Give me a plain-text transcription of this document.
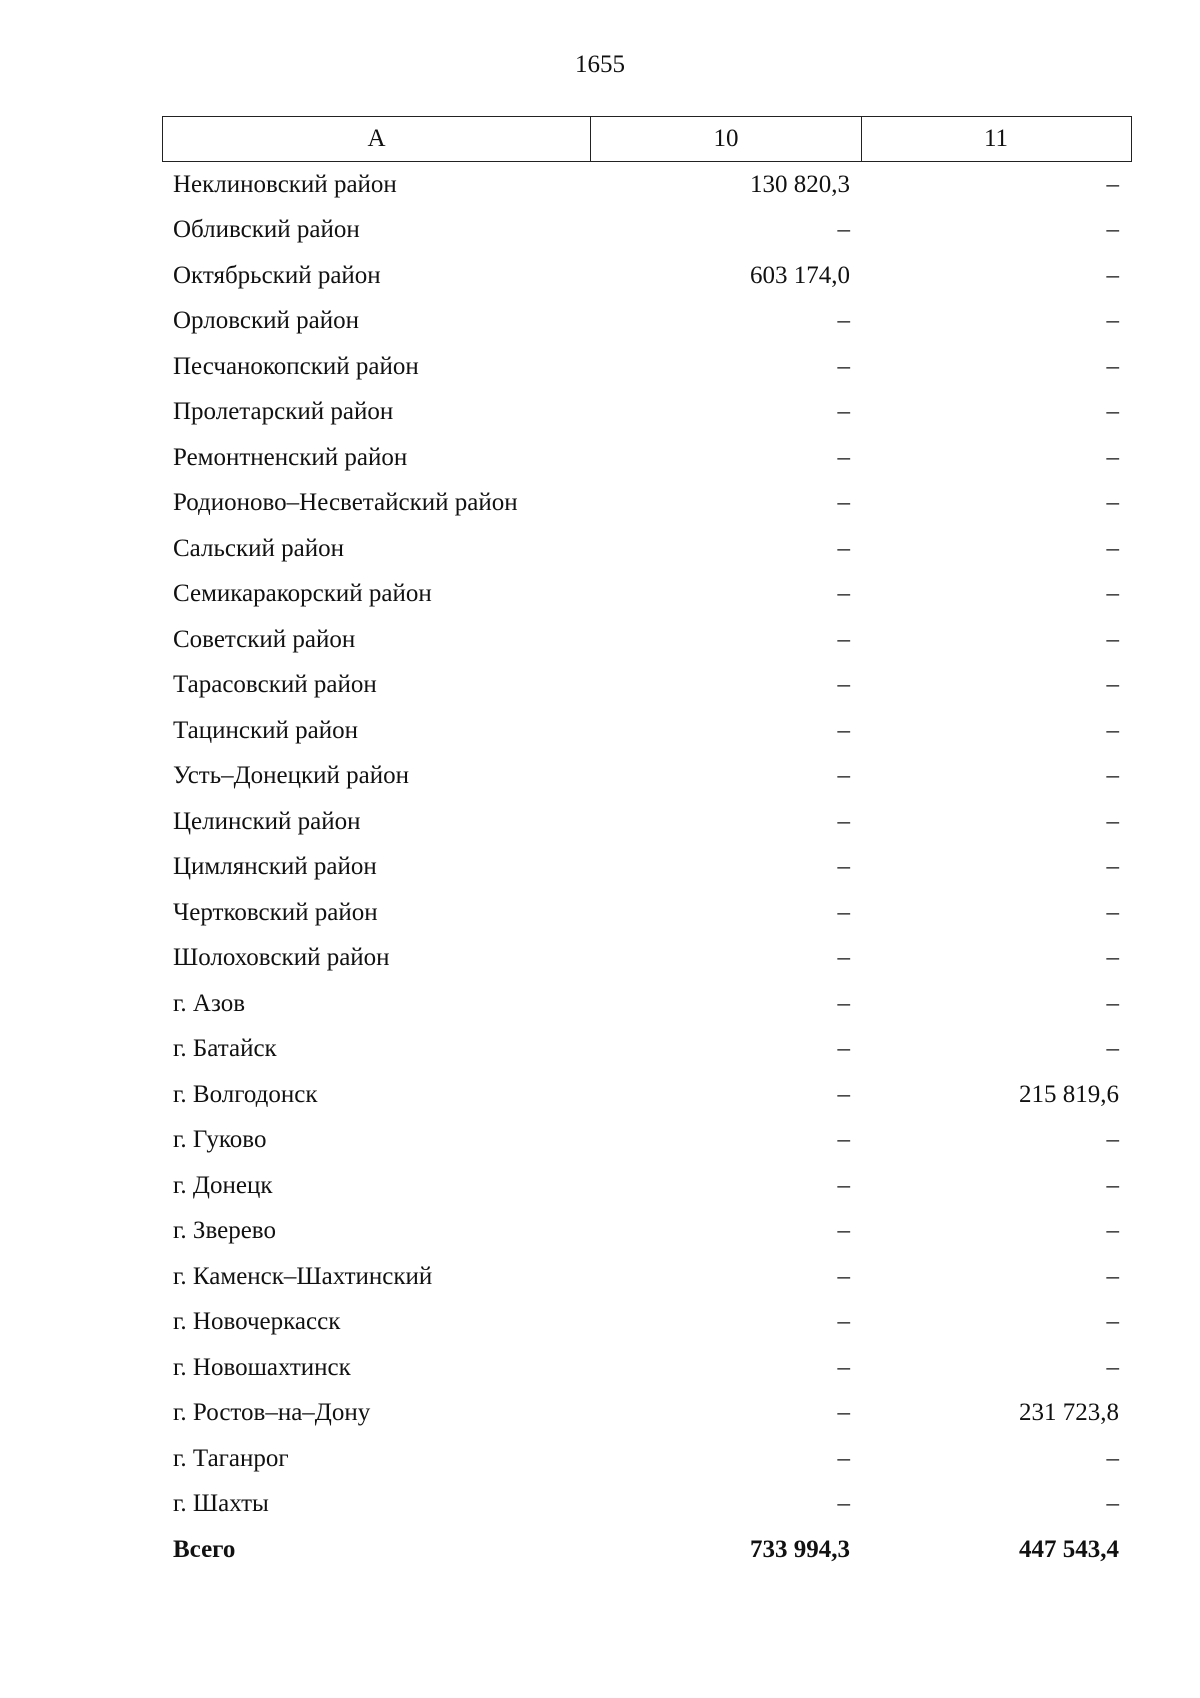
1655
А	10	11
Неклиновский район	130 820,3	–
Обливский район	–	–
Октябрьский район	603 174,0	–
Орловский район	–	–
Песчанокопский район	–	–
Пролетарский район	–	–
Ремонтненский район	–	–
Родионово–Несветайский район	–	–
Сальский район	–	–
Семикаракорский район	–	–
Советский район	–	–
Тарасовский район	–	–
Тацинский район	–	–
Усть–Донецкий район	–	–
Целинский район	–	–
Цимлянский район	–	–
Чертковский район	–	–
Шолоховский район	–	–
г. Азов	–	–
г. Батайск	–	–
г. Волгодонск	–	215 819,6
г. Гуково	–	–
г. Донецк	–	–
г. Зверево	–	–
г. Каменск–Шахтинский	–	–
г. Новочеркасск	–	–
г. Новошахтинск	–	–
г. Ростов–на–Дону	–	231 723,8
г. Таганрог	–	–
г. Шахты	–	–
Всего	733 994,3	447 543,4
